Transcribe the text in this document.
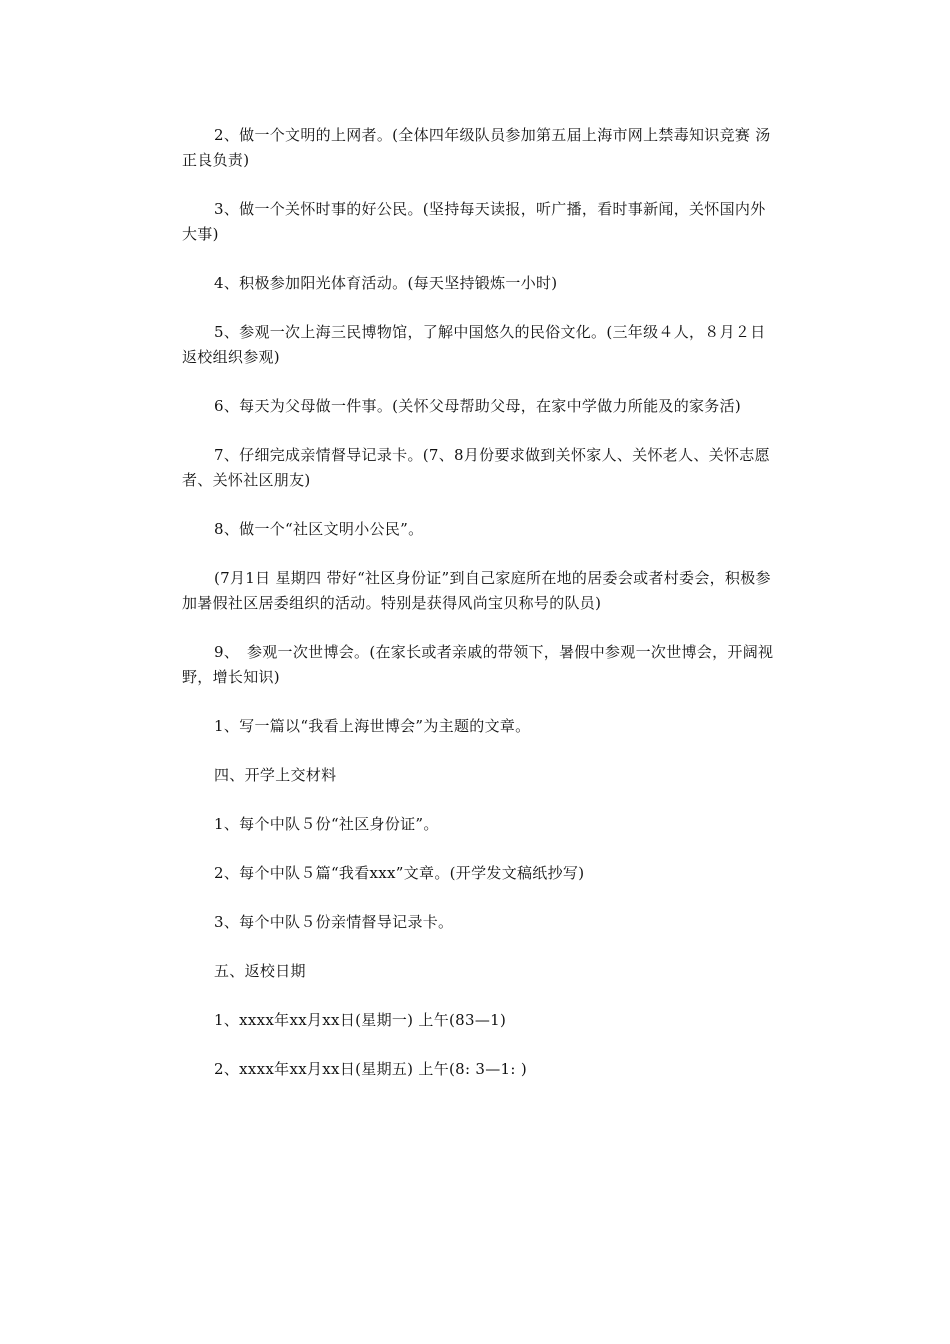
2、做一个文明的上网者。(全体四年级队员参加第五届上海市网上禁毒知识竞赛 汤正良负责)

3、做一个关怀时事的好公民。(坚持每天读报，听广播，看时事新闻，关怀国内外大事)

4、积极参加阳光体育活动。(每天坚持锻炼一小时)

5、参观一次上海三民博物馆，了解中国悠久的民俗文化。(三年级４人，８月２日返校组织参观)

6、每天为父母做一件事。(关怀父母帮助父母，在家中学做力所能及的家务活)

7、仔细完成亲情督导记录卡。(7、8月份要求做到关怀家人、关怀老人、关怀志愿者、关怀社区朋友)

8、做一个“社区文明小公民”。

(7月1日 星期四 带好“社区身份证”到自己家庭所在地的居委会或者村委会，积极参加暑假社区居委组织的活动。特别是获得风尚宝贝称号的队员)

9、　参观一次世博会。(在家长或者亲戚的带领下，暑假中参观一次世博会，开阔视野，增长知识)

1、写一篇以“我看上海世博会”为主题的文章。

四、开学上交材料

1、每个中队５份“社区身份证”。

2、每个中队５篇“我看xxx”文章。(开学发文稿纸抄写)

3、每个中队５份亲情督导记录卡。

五、返校日期

1、xxxx年xx月xx日(星期一) 上午(83—1)

2、xxxx年xx月xx日(星期五) 上午(8: 3—1: )
